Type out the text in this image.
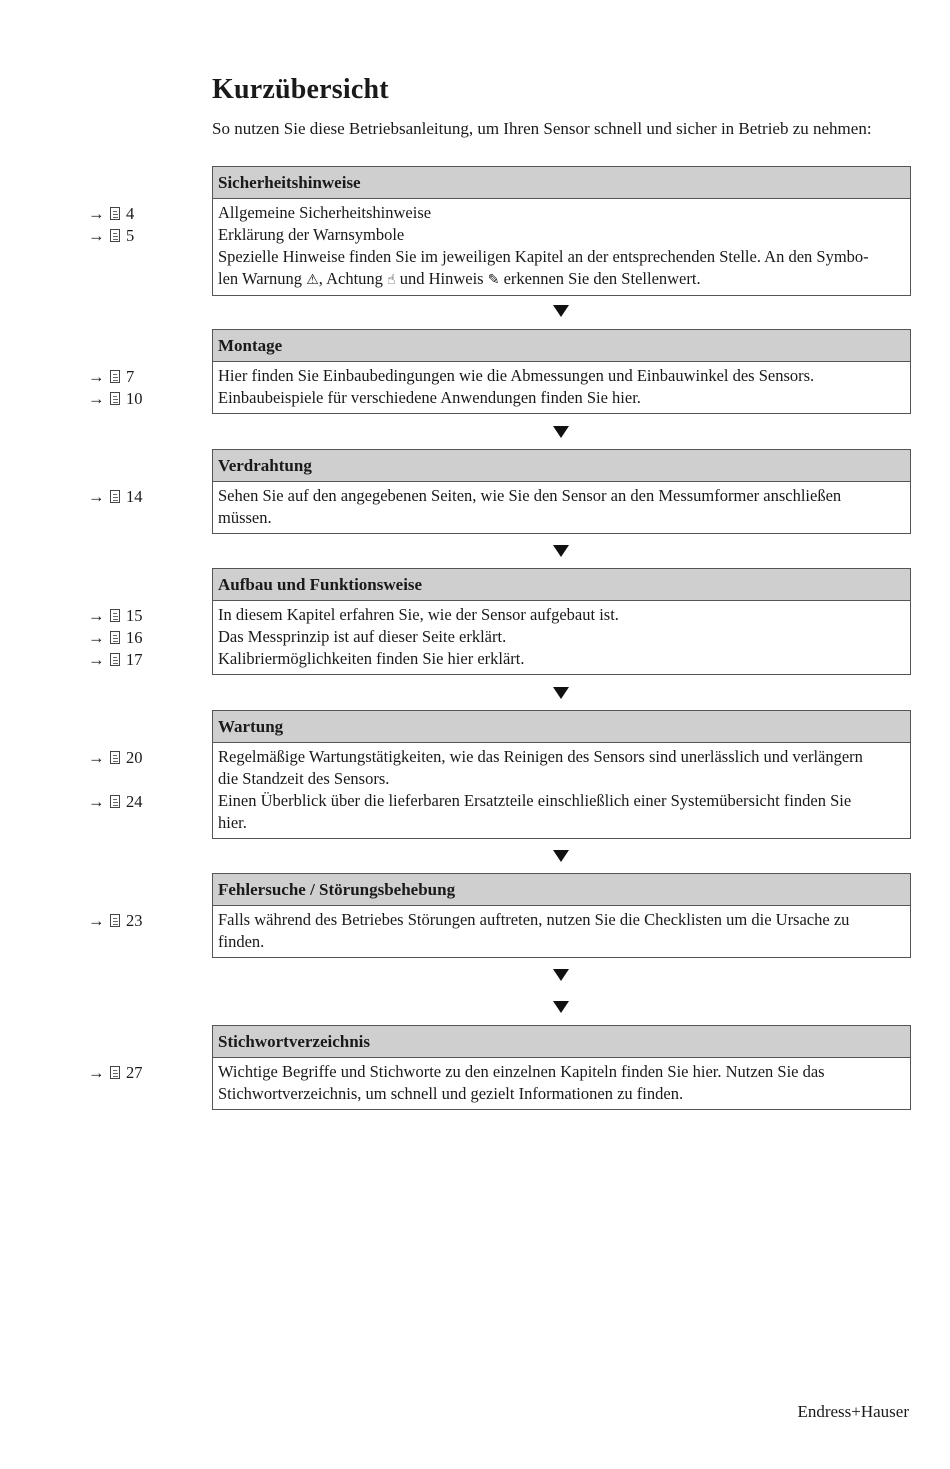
Kurzübersicht
So nutzen Sie diese Betriebsanleitung, um Ihren Sensor schnell und sicher in Betrieb zu nehmen:
Sicherheitshinweise
Allgemeine Sicherheitshinweise
Erklärung der Warnsymbole
Spezielle Hinweise finden Sie im jeweiligen Kapitel an der entsprechenden Stelle. An den Symbo-
len Warnung ⚠, Achtung ☝ und Hinweis ✎ erkennen Sie den Stellenwert.
→ 4
→ 5
Montage
Hier finden Sie Einbaubedingungen wie die Abmessungen und Einbauwinkel des Sensors.
Einbaubeispiele für verschiedene Anwendungen finden Sie hier.
→ 7
→ 10
Verdrahtung
Sehen Sie auf den angegebenen Seiten, wie Sie den Sensor an den Messumformer anschließen
müssen.
→ 14
Aufbau und Funktionsweise
In diesem Kapitel erfahren Sie, wie der Sensor aufgebaut ist.
Das Messprinzip ist auf dieser Seite erklärt.
Kalibriermöglichkeiten finden Sie hier erklärt.
→ 15
→ 16
→ 17
Wartung
Regelmäßige Wartungstätigkeiten, wie das Reinigen des Sensors sind unerlässlich und verlängern
die Standzeit des Sensors.
Einen Überblick über die lieferbaren Ersatzteile einschließlich einer Systemübersicht finden Sie
hier.
→ 20
→ 24
Fehlersuche / Störungsbehebung
Falls während des Betriebes Störungen auftreten, nutzen Sie die Checklisten um die Ursache zu
finden.
→ 23
Stichwortverzeichnis
Wichtige Begriffe und Stichworte zu den einzelnen Kapiteln finden Sie hier. Nutzen Sie das
Stichwortverzeichnis, um schnell und gezielt Informationen zu finden.
→ 27
Endress+Hauser
